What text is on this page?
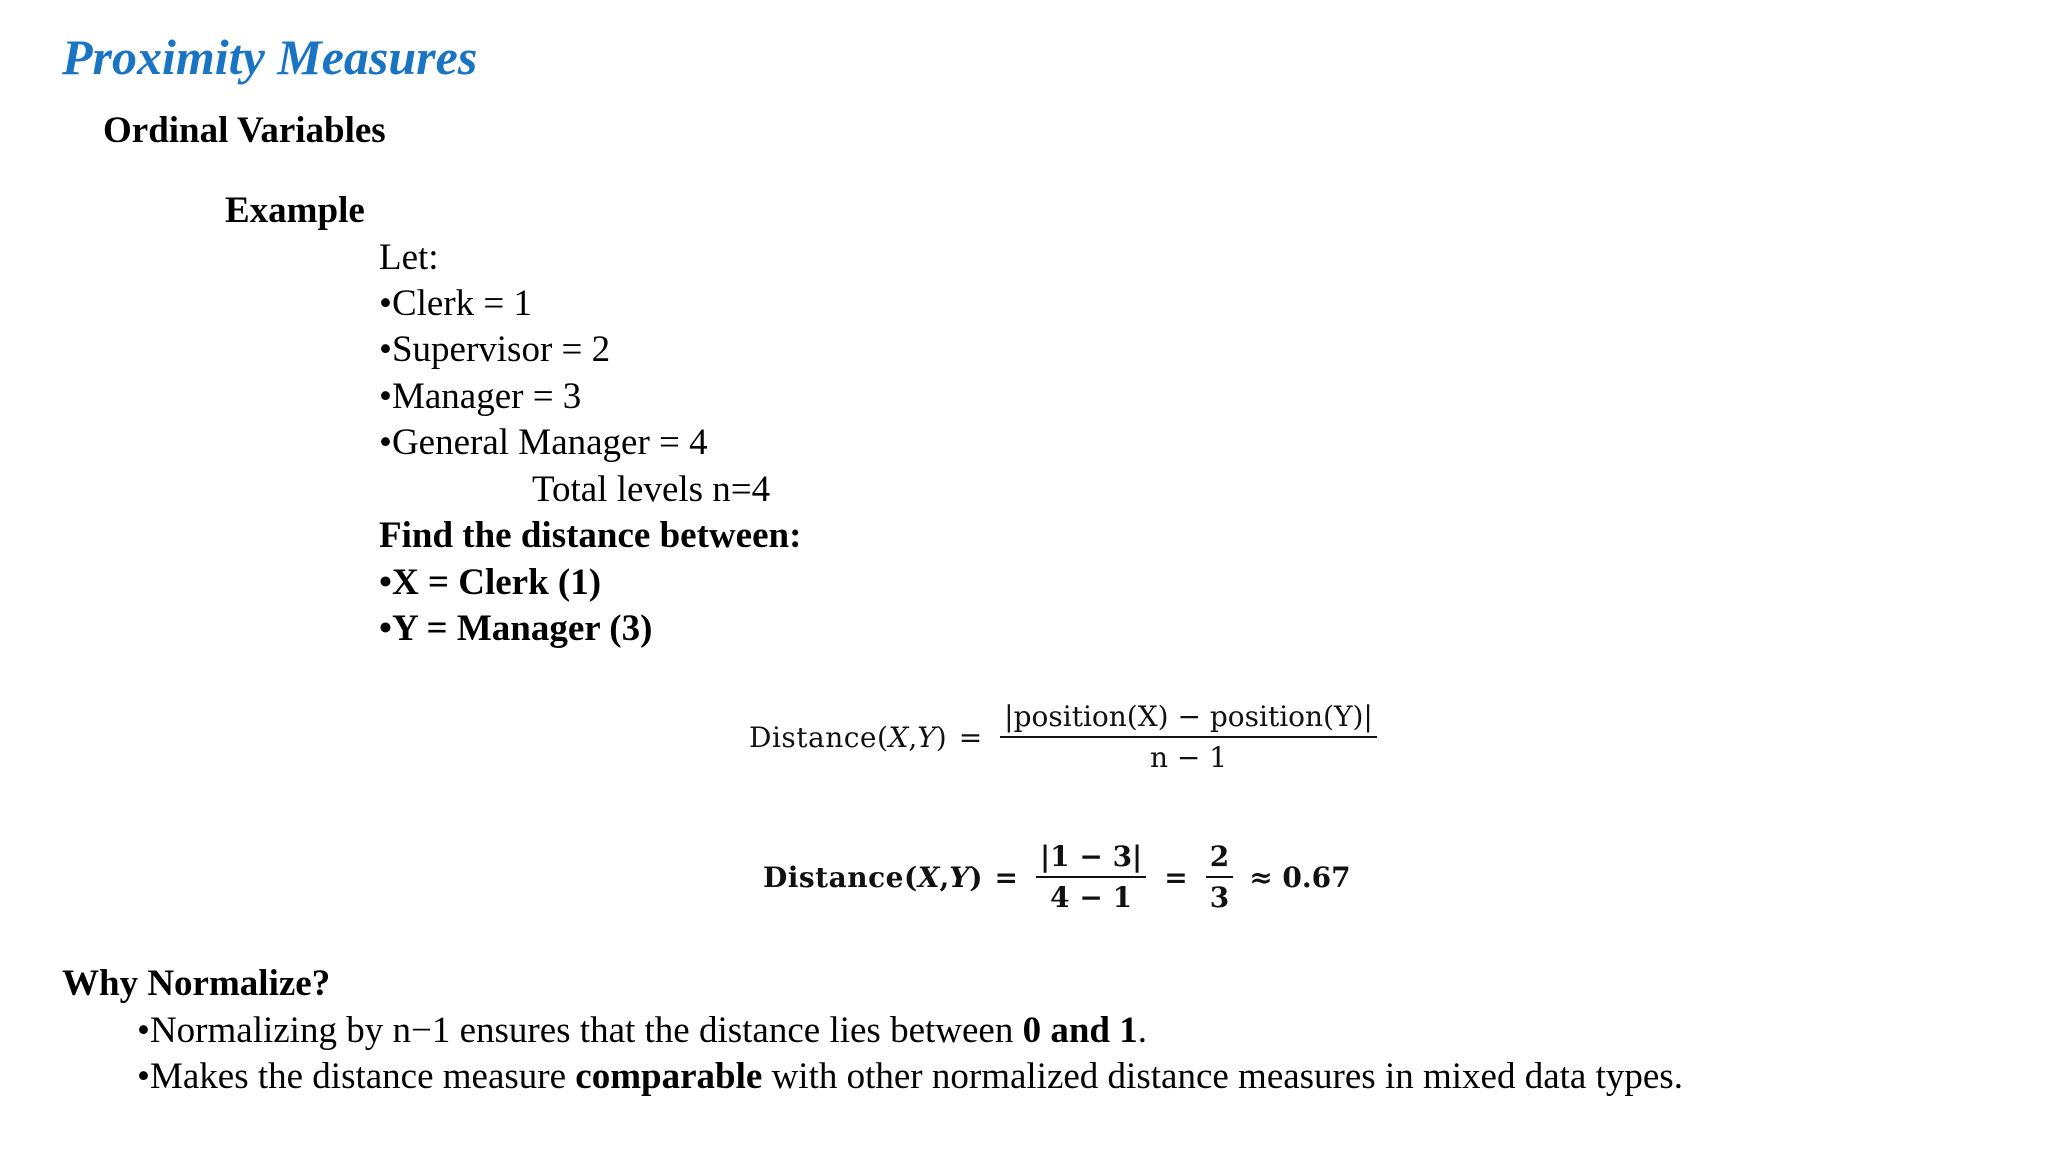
Proximity Measures
Ordinal Variables
Example
Let:
•Clerk = 1
•Supervisor = 2
•Manager = 3
•General Manager = 4
Total levels n=4
Find the distance between:
•X = Clerk (1)
•Y = Manager (3)
Distance( X , Y ) = $\frac{\text{|position(X) − position(Y)|}}{n - 1}$
Distance( X , Y ) = $\frac{|1 - 3|}{4 - 1} = \frac{2}{3} \approx 0.67$
Why Normalize?
•Normalizing by n−1 ensures that the distance lies between 0 and 1.
•Makes the distance measure comparable with other normalized distance measures in mixed data types.
